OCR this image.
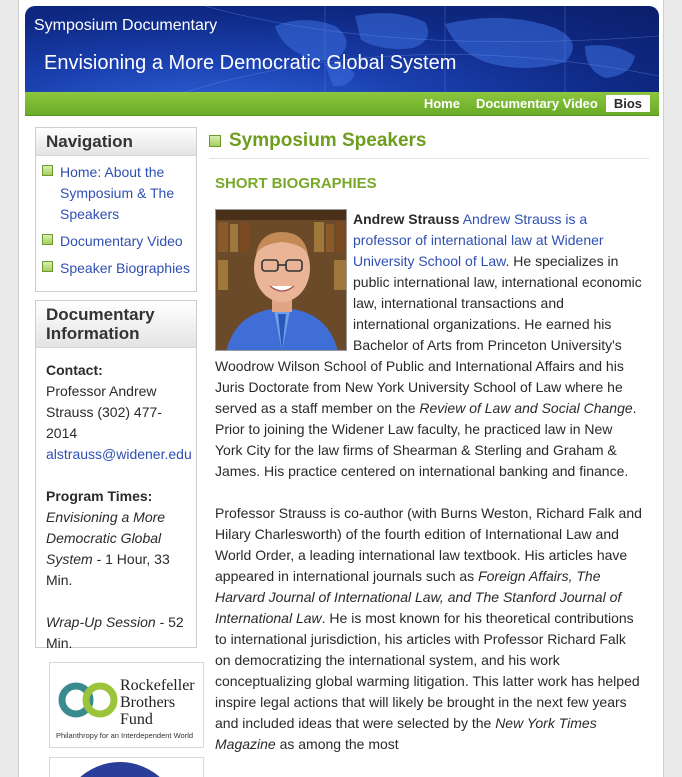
Symposium Documentary
Envisioning a More Democratic Global System
Home	Documentary Video	Bios
Navigation
Home: About the Symposium & The Speakers
Documentary Video
Speaker Biographies
Documentary Information
Contact:
Professor Andrew Strauss (302) 477-2014
alstrauss@widener.edu
Program Times:
Envisioning a More Democratic Global System - 1 Hour, 33 Min.
Wrap-Up Session - 52 Min.
Rockefeller
Brothers
Fund
Philanthropy for an Interdependent World
Symposium Speakers
SHORT BIOGRAPHIES

Andrew Strauss Andrew Strauss is a professor of international law at Widener University School of Law. He specializes in public international law, international economic law, international transactions and international organizations. He earned his Bachelor of Arts from Princeton University's Woodrow Wilson School of Public and International Affairs and his Juris Doctorate from New York University School of Law where he served as a staff member on the Review of Law and Social Change. Prior to joining the Widener Law faculty, he practiced law in New York City for the law firms of Shearman & Sterling and Graham & James. His practice centered on international banking and finance.

Professor Strauss is co-author (with Burns Weston, Richard Falk and Hilary Charlesworth) of the fourth edition of International Law and World Order, a leading international law textbook. His articles have appeared in international journals such as Foreign Affairs, The Harvard Journal of International Law, and The Stanford Journal of International Law. He is most known for his theoretical contributions to international jurisdiction, his articles with Professor Richard Falk on democratizing the international system, and his work conceptualizing global warming litigation. This latter work has helped inspire legal actions that will likely be brought in the next few years and included ideas that were selected by the New York Times Magazine as among the most
